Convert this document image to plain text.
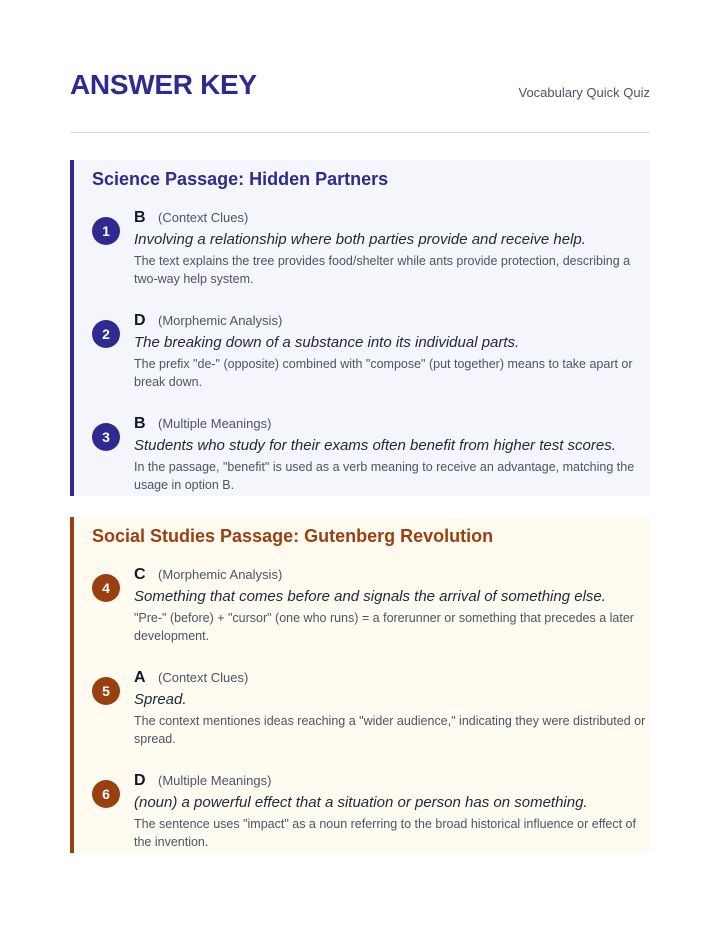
ANSWER KEY	Vocabulary Quick Quiz
Science Passage: Hidden Partners
1
B (Context Clues)
Involving a relationship where both parties provide and receive help.
The text explains the tree provides food/shelter while ants provide protection, describing a two-way help system.
2
D (Morphemic Analysis)
The breaking down of a substance into its individual parts.
The prefix "de-" (opposite) combined with "compose" (put together) means to take apart or break down.
3
B (Multiple Meanings)
Students who study for their exams often benefit from higher test scores.
In the passage, "benefit" is used as a verb meaning to receive an advantage, matching the usage in option B.
Social Studies Passage: Gutenberg Revolution
4
C (Morphemic Analysis)
Something that comes before and signals the arrival of something else.
"Pre-" (before) + "cursor" (one who runs) = a forerunner or something that precedes a later development.
5
A (Context Clues)
Spread.
The context mentiones ideas reaching a "wider audience," indicating they were distributed or spread.
6
D (Multiple Meanings)
(noun) a powerful effect that a situation or person has on something.
The sentence uses "impact" as a noun referring to the broad historical influence or effect of the invention.
